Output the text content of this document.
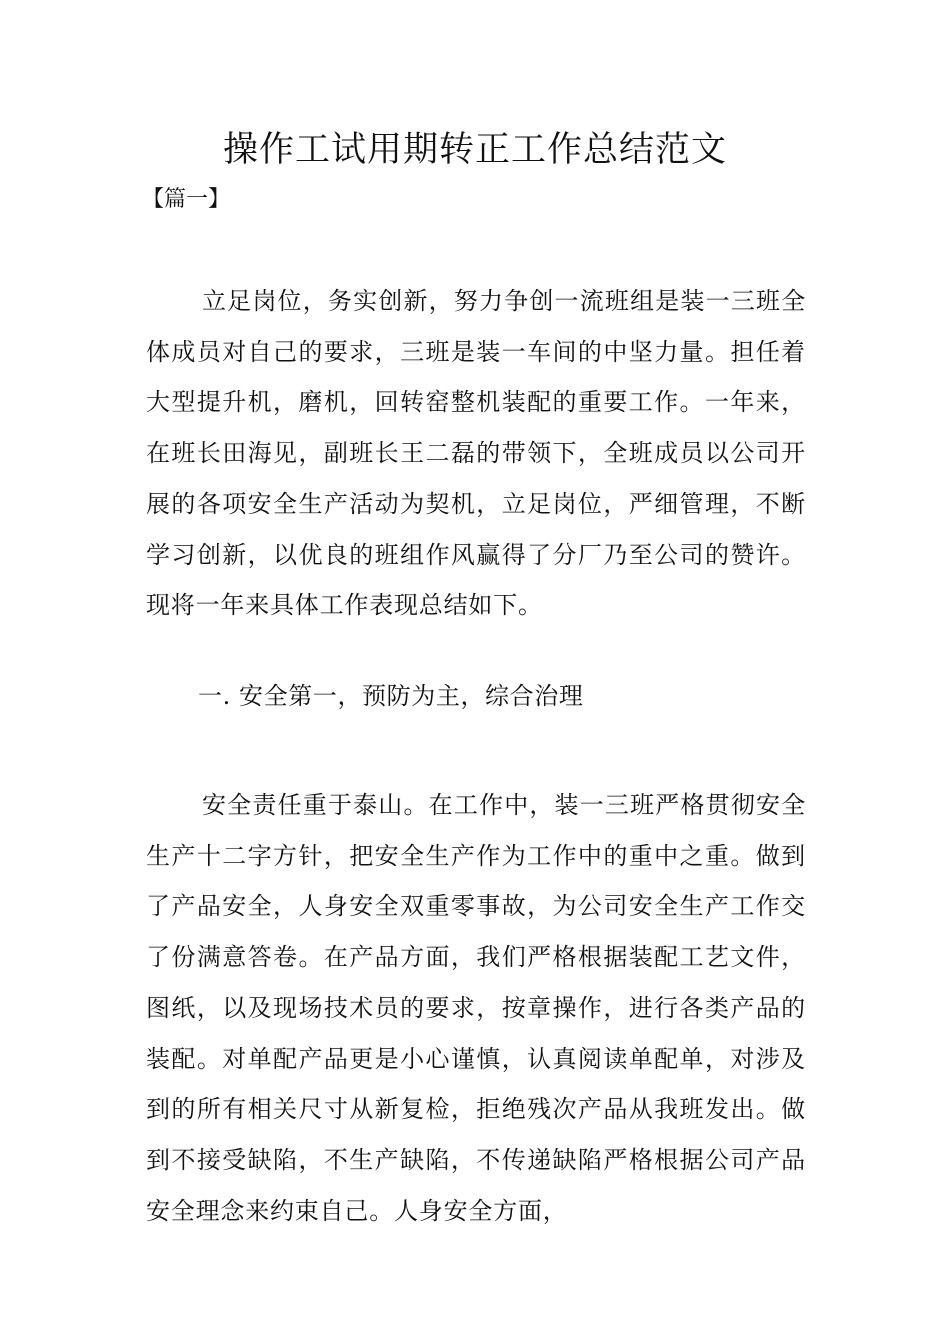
操作工试用期转正工作总结范文
【篇一】

立足岗位，务实创新，努力争创一流班组是装一三班全体成员对自己的要求，三班是装一车间的中坚力量。担任着大型提升机，磨机，回转窑整机装配的重要工作。一年来，在班长田海见，副班长王二磊的带领下，全班成员以公司开展的各项安全生产活动为契机，立足岗位，严细管理，不断学习创新，以优良的班组作风赢得了分厂乃至公司的赞许。现将一年来具体工作表现总结如下。

一. 安全第一，预防为主，综合治理

安全责任重于泰山。在工作中，装一三班严格贯彻安全生产十二字方针，把安全生产作为工作中的重中之重。做到了产品安全，人身安全双重零事故，为公司安全生产工作交了份满意答卷。在产品方面，我们严格根据装配工艺文件，图纸，以及现场技术员的要求，按章操作，进行各类产品的装配。对单配产品更是小心谨慎，认真阅读单配单，对涉及到的所有相关尺寸从新复检，拒绝残次产品从我班发出。做到不接受缺陷，不生产缺陷，不传递缺陷严格根据公司产品安全理念来约束自己。人身安全方面，
